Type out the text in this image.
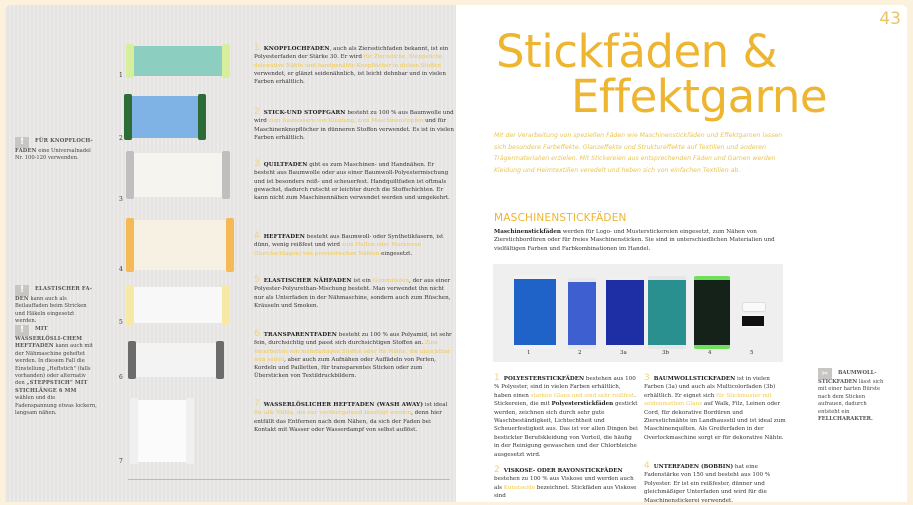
1
2
3
4
5
6
7
! FÜR KNOPFLOCH-FADEN eine Universalnadel Nr. 100-120 verwenden.
! ELASTISCHER FA-DEN kann auch als Beilauffaden beim Stricken und Häkeln eingesetzt werden.
! MIT WASSERLÖSLI-CHEM HEFTFADEN kann auch mit der Nähmaschine geheftet werden. In diesem Fall die Einstellung „Heftstich" (falls vorhanden) oder alternativ den „STEPPSTICH" MIT STICHLÄNGE 6 MM wählen und die Fadenspannung etwas lockern, langsam nähen.
1 KNOPFLOCHFADEN, auch als Ziersstichfaden bekannt, ist ein Polyesterfaden der Stärke 30. Er wird für Ziersstiche, Steppstiche, dekorative Nähte und handgenähte Knopflöcher in dicken Stoffen verwendet, er glänzt seidenähnlich, ist leicht dehnbar und in vielen Farben erhältlich.
2 STICK-UND STOPFGARN besteht zu 100 % aus Baumwolle und wird zum Ausbessern von Kleidung, zum Maschinenstopfen und für Maschinenknopflöcher in dünneren Stoffen verwendet. Es ist in vielen Farben erhältlich.
3 QUILTFADEN gibt es zum Maschinen- und Handnähen. Er besteht aus Baumwolle oder aus einer Baumwoll-Polyestermischung und ist besonders reiß- und scheuerfest. Handquiltfaden ist oftmals gewachst, dadurch rutscht er leichter durch die Stoffschichten. Er kann nicht zum Maschinennähen verwendet werden und umgekehrt.
4 HEFTFADEN besteht aus Baumwoll- oder Synthetikfasern, ist dünn, wenig reißfest und wird zum Heften oder Markieren (Durchschlagen) von provisorischen Nähten eingesetzt.
5 ELASTISCHER NÄHFADEN ist ein Gummifaden, der aus einer Polyester-Polyurethan-Mischung besteht. Man verwendet ihn nicht nur als Unterfaden in der Nähmaschine, sondern auch zum Rüschen, Kräuseln und Smoken.
6 TRANSPARENTFADEN besteht zu 100 % aus Polyamid, ist sehr fein, durchsichtig und passt sich durchsichtigen Stoffen an. Zum Verarbeiten von mehrfarbigen Stoffen oder für Nähte, die unsichtbar sein sollen, aber auch zum Aufnähen oder Auffädeln von Perlen, Kordeln und Pailletten, für transparentes Sticken oder zum Übersticken von Textildruckbildern.
7 WASSERLÖSLICHER HEFTFADEN (WASH AWAY) ist ideal für alle Nähte, die nur vorübergehend benötigt werden, denn hier entfällt das Entfernen nach dem Nähen, da sich der Faden bei Kontakt mit Wasser oder Wasserdampf von selbst auflöst.
43
Stickfäden &
Effektgarne
Mit der Verarbeitung von speziellen Fäden wie Maschinenstickfäden und Effektgarnen lassen sich besondere Farbeffekte, Glanzeffekte und Struktureffekte auf Textilien und anderen Trägermaterialien erzielen. Mit Stickereien aus entsprechenden Fäden und Garnen werden Kleidung und Heimtextilien veredelt und heben sich von einfachen Textilien ab.
MASCHINENSTICKFÄDEN
Maschinenstickfäden werden für Logo- und Musterstickereien eingesetzt, zum Nähen von Zierstichbordüren oder für freies Maschinensticken. Sie sind in unterschiedlichen Materialien und vielfältigen Farben und Farbkombinationen im Handel.
1	2	3a	3b	4	5
1 POLYESTERSTICKFÄDEN bestehen aus 100 % Polyester, sind in vielen Farben erhältlich, haben einen starken Glanz und sind sehr reißfest. Stickereien, die mit Polyesterstickfäden gestickt werden, zeichnen sich durch sehr gute Waschbeständigkeit, Lichtechtheit und Scheuerfestigkeit aus. Das ist vor allen Dingen bei bestickter Berufskleidung von Vorteil, die häufig in der Reinigung gewaschen und der Chlorbleiche ausgesetzt wird.
2 VISKOSE- ODER RAYONSTICKFÄDEN bestehen zu 100 % aus Viskose und werden auch als Kunstseide bezeichnet. Stickfäden aus Viskose sind
3 BAUMWOLLSTICKFADEN ist in vielen Farben (3a) und auch als Multicolorfaden (3b) erhältlich. Er eignet sich für Stickmuster mit seidenmattem Glanz auf Walk, Filz, Leinen oder Cord, für dekorative Bordüren und Ziersstichnähte im Landhausstil und ist ideal zum Maschinenquilten. Als Greiferfaden in der Overlockmaschine sorgt er für dekorative Nähte.
4 UNTERFADEN (BOBBIN) hat eine Fadenstärke von 150 und besteht aus 100 % Polyester. Er ist ein reißfester, dünner und gleichmäßiger Unterfaden und wird für die Maschinenstickerei verwendet.
✂ BAUMWOLL-STICKFADEN lässt sich mit einer harten Bürste nach dem Sticken aufrauen, dadurch entsteht ein FELLCHARAKTER.
